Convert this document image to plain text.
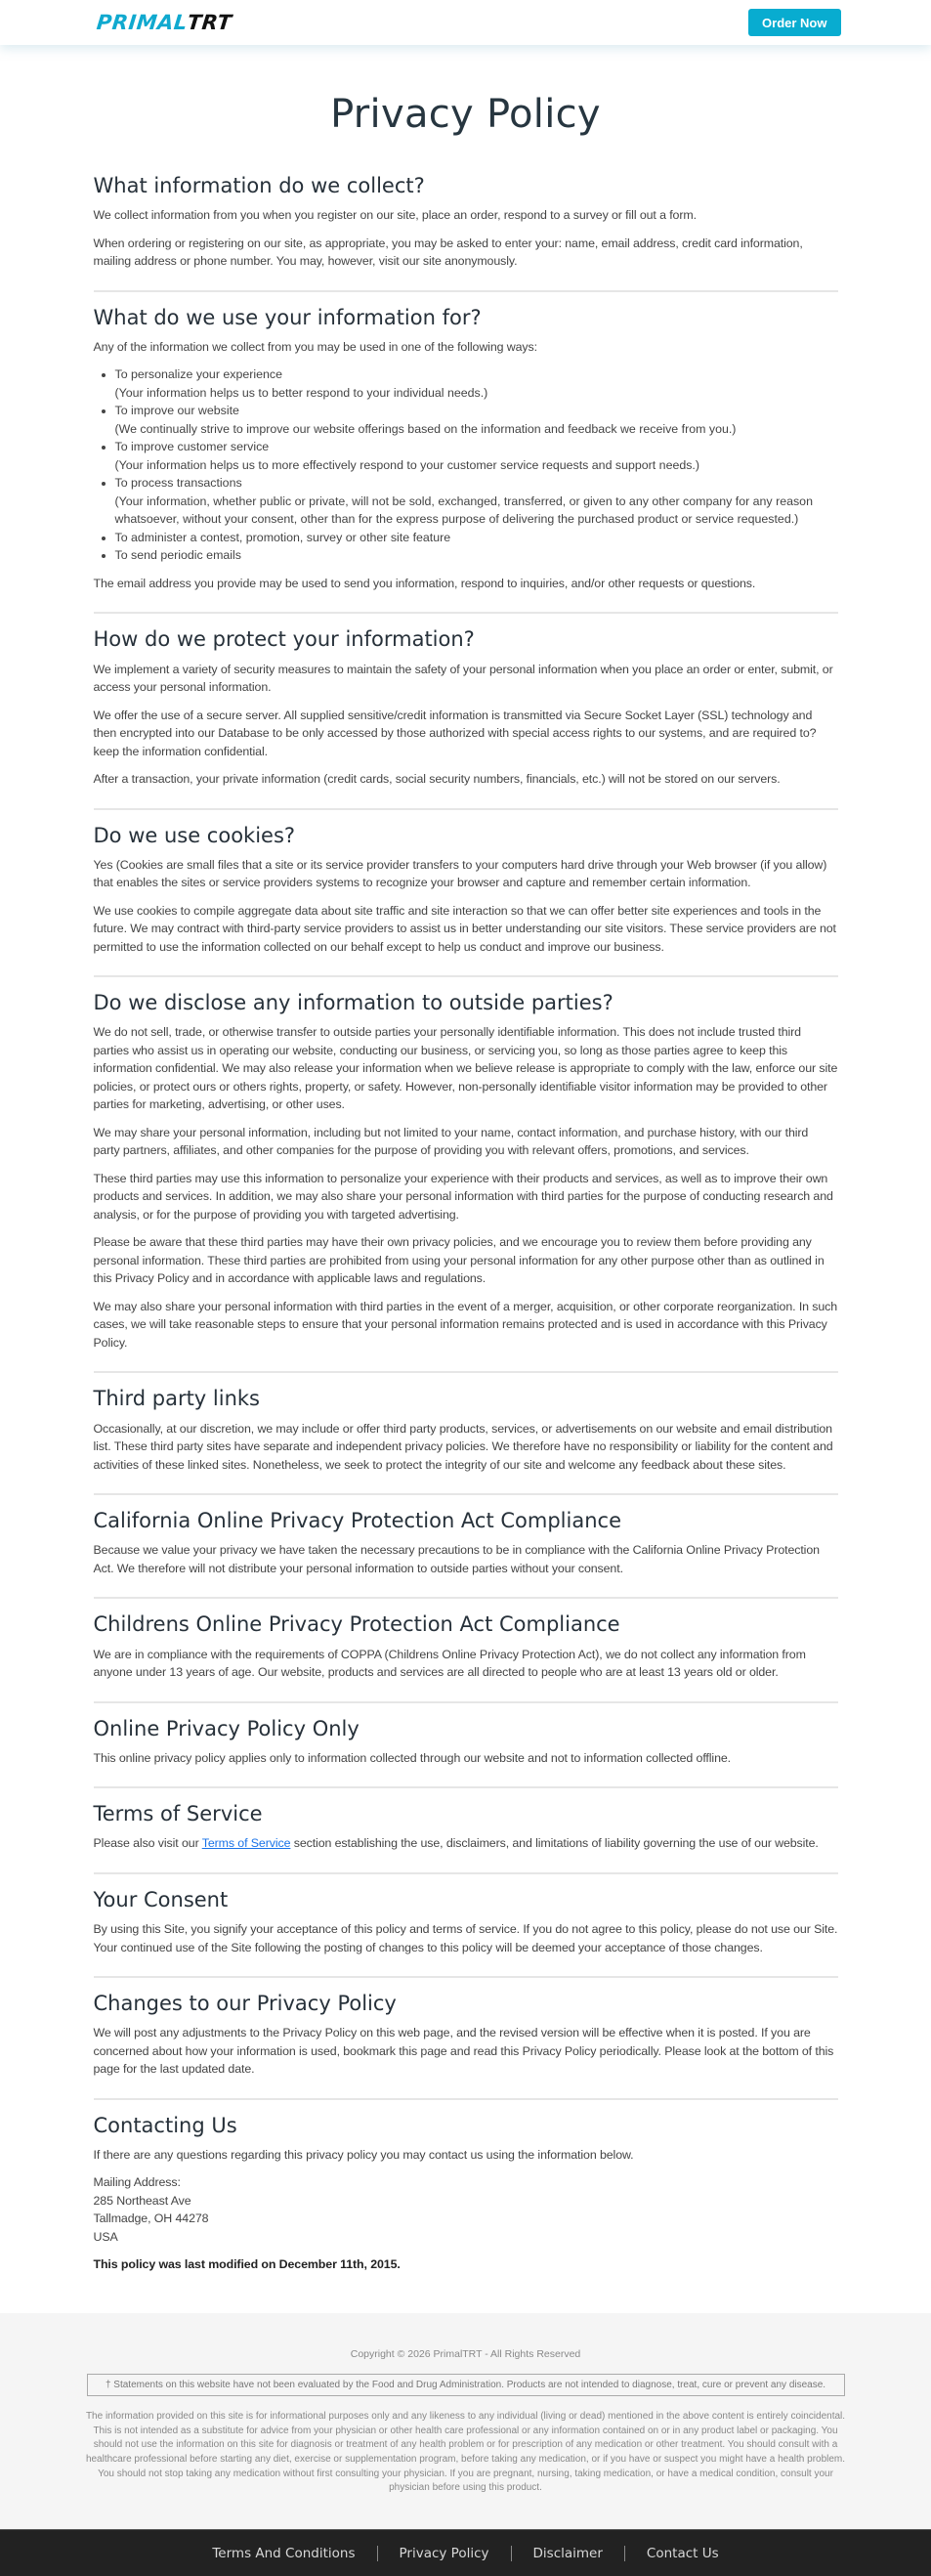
PRIMAL
TRT	Order Now
Privacy Policy
What information do we collect?

We collect information from you when you register on our site, place an order, respond to a survey or fill out a form.

When ordering or registering on our site, as appropriate, you may be asked to enter your: name, email address, credit card information, mailing address or phone number. You may, however, visit our site anonymously.

What do we use your information for?

Any of the information we collect from you may be used in one of the following ways:

• To personalize your experience
(Your information helps us to better respond to your individual needs.)
• To improve our website
(We continually strive to improve our website offerings based on the information and feedback we receive from you.)
• To improve customer service
(Your information helps us to more effectively respond to your customer service requests and support needs.)
• To process transactions
(Your information, whether public or private, will not be sold, exchanged, transferred, or given to any other company for any reason whatsoever, without your consent, other than for the express purpose of delivering the purchased product or service requested.)
• To administer a contest, promotion, survey or other site feature
• To send periodic emails

The email address you provide may be used to send you information, respond to inquiries, and/or other requests or questions.

How do we protect your information?

We implement a variety of security measures to maintain the safety of your personal information when you place an order or enter, submit, or access your personal information.

We offer the use of a secure server. All supplied sensitive/credit information is transmitted via Secure Socket Layer (SSL) technology and then encrypted into our Database to be only accessed by those authorized with special access rights to our systems, and are required to?keep the information confidential.

After a transaction, your private information (credit cards, social security numbers, financials, etc.) will not be stored on our servers.

Do we use cookies?

Yes (Cookies are small files that a site or its service provider transfers to your computers hard drive through your Web browser (if you allow) that enables the sites or service providers systems to recognize your browser and capture and remember certain information.

We use cookies to compile aggregate data about site traffic and site interaction so that we can offer better site experiences and tools in the future. We may contract with third-party service providers to assist us in better understanding our site visitors. These service providers are not permitted to use the information collected on our behalf except to help us conduct and improve our business.

Do we disclose any information to outside parties?

We do not sell, trade, or otherwise transfer to outside parties your personally identifiable information. This does not include trusted third parties who assist us in operating our website, conducting our business, or servicing you, so long as those parties agree to keep this information confidential. We may also release your information when we believe release is appropriate to comply with the law, enforce our site policies, or protect ours or others rights, property, or safety. However, non-personally identifiable visitor information may be provided to other parties for marketing, advertising, or other uses.

We may share your personal information, including but not limited to your name, contact information, and purchase history, with our third party partners, affiliates, and other companies for the purpose of providing you with relevant offers, promotions, and services.

These third parties may use this information to personalize your experience with their products and services, as well as to improve their own products and services. In addition, we may also share your personal information with third parties for the purpose of conducting research and analysis, or for the purpose of providing you with targeted advertising.

Please be aware that these third parties may have their own privacy policies, and we encourage you to review them before providing any personal information. These third parties are prohibited from using your personal information for any other purpose other than as outlined in this Privacy Policy and in accordance with applicable laws and regulations.

We may also share your personal information with third parties in the event of a merger, acquisition, or other corporate reorganization. In such cases, we will take reasonable steps to ensure that your personal information remains protected and is used in accordance with this Privacy Policy.

Third party links

Occasionally, at our discretion, we may include or offer third party products, services, or advertisements on our website and email distribution list. These third party sites have separate and independent privacy policies. We therefore have no responsibility or liability for the content and activities of these linked sites. Nonetheless, we seek to protect the integrity of our site and welcome any feedback about these sites.

California Online Privacy Protection Act Compliance

Because we value your privacy we have taken the necessary precautions to be in compliance with the California Online Privacy Protection Act. We therefore will not distribute your personal information to outside parties without your consent.

Childrens Online Privacy Protection Act Compliance

We are in compliance with the requirements of COPPA (Childrens Online Privacy Protection Act), we do not collect any information from anyone under 13 years of age. Our website, products and services are all directed to people who are at least 13 years old or older.

Online Privacy Policy Only

This online privacy policy applies only to information collected through our website and not to information collected offline.

Terms of Service

Please also visit our Terms of Service section establishing the use, disclaimers, and limitations of liability governing the use of our website.

Your Consent

By using this Site, you signify your acceptance of this policy and terms of service. If you do not agree to this policy, please do not use our Site. Your continued use of the Site following the posting of changes to this policy will be deemed your acceptance of those changes.

Changes to our Privacy Policy

We will post any adjustments to the Privacy Policy on this web page, and the revised version will be effective when it is posted. If you are concerned about how your information is used, bookmark this page and read this Privacy Policy periodically. Please look at the bottom of this page for the last updated date.

Contacting Us

If there are any questions regarding this privacy policy you may contact us using the information below.

Mailing Address:

285 Northeast Ave

Tallmadge, OH 44278

USA

This policy was last modified on December 11th, 2015.

Copyright © 2026 PrimalTRT - All Rights Reserved
† Statements on this website have not been evaluated by the Food and Drug Administration. Products are not intended to diagnose, treat, cure or prevent any disease.
The information provided on this site is for informational purposes only and any likeness to any individual (living or dead) mentioned in the above content is entirely coincidental. This is not intended as a substitute for advice from your physician or other health care professional or any information contained on or in any product label or packaging. You should not use the information on this site for diagnosis or treatment of any health problem or for prescription of any medication or other treatment. You should consult with a healthcare professional before starting any diet, exercise or supplementation program, before taking any medication, or if you have or suspect you might have a health problem. You should not stop taking any medication without first consulting your physician. If you are pregnant, nursing, taking medication, or have a medical condition, consult your physician before using this product.
Terms And Conditions	Privacy Policy	Disclaimer	Contact Us
